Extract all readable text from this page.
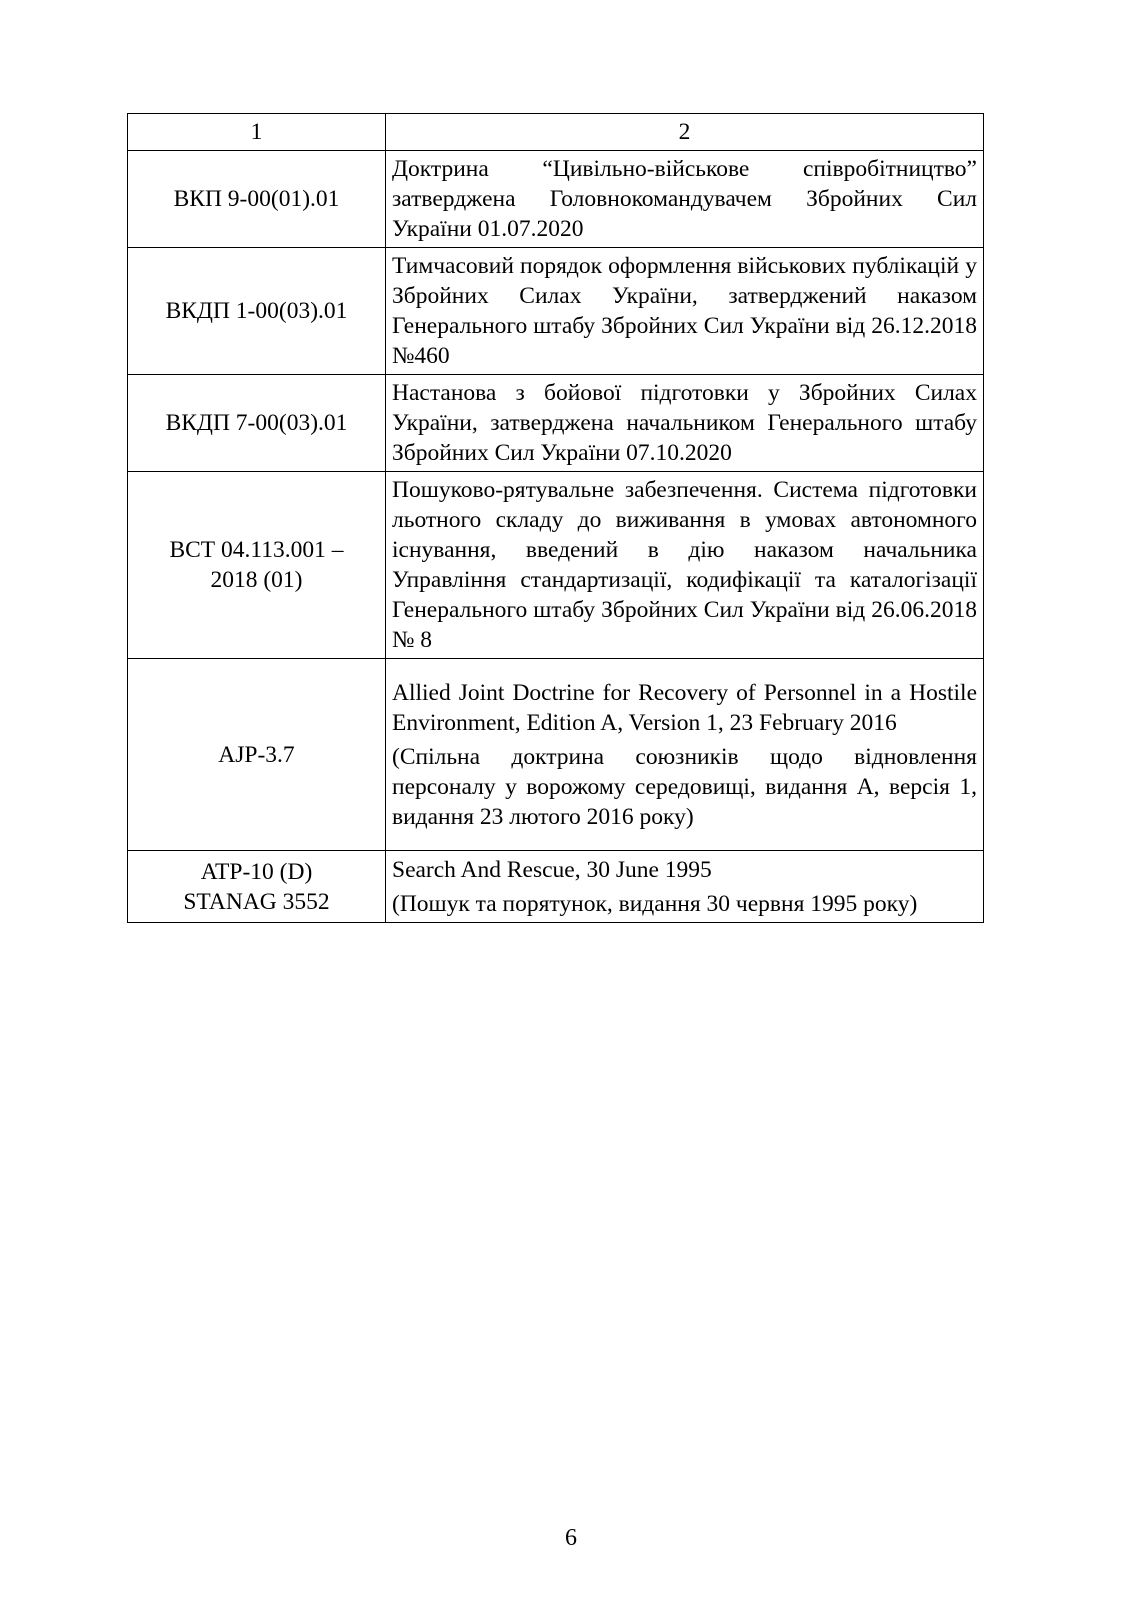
1	2

ВКП 9-00(01).01	Доктрина “Цивільно-військове співробітництво” затверджена Головнокомандувачем Збройних Сил України 01.07.2020

ВКДП 1-00(03).01	Тимчасовий порядок оформлення військових публікацій у Збройних Силах України, затверджений наказом Генерального штабу Збройних Сил України від 26.12.2018 №460

ВКДП 7-00(03).01	Настанова з бойової підготовки у Збройних Силах України, затверджена начальником Генерального штабу Збройних Сил України 07.10.2020

ВСТ 04.113.001 –
2018 (01)	Пошуково-рятувальне забезпечення. Система підготовки льотного складу до виживання в умовах автономного існування, введений в дію наказом начальника Управління стандартизації, кодифікації та каталогізації Генерального штабу Збройних Сил України від 26.06.2018 № 8

AJP-3.7	Allied Joint Doctrine for Recovery of Personnel in a Hostile Environment, Edition A, Version 1, 23 February 2016
(Спільна доктрина союзників щодо відновлення персоналу у ворожому середовищі, видання А, версія 1, видання 23 лютого 2016 року)

ATP-10 (D)
STANAG 3552	Search And Rescue, 30 June 1995
(Пошук та порятунок, видання 30 червня 1995 року)
6
